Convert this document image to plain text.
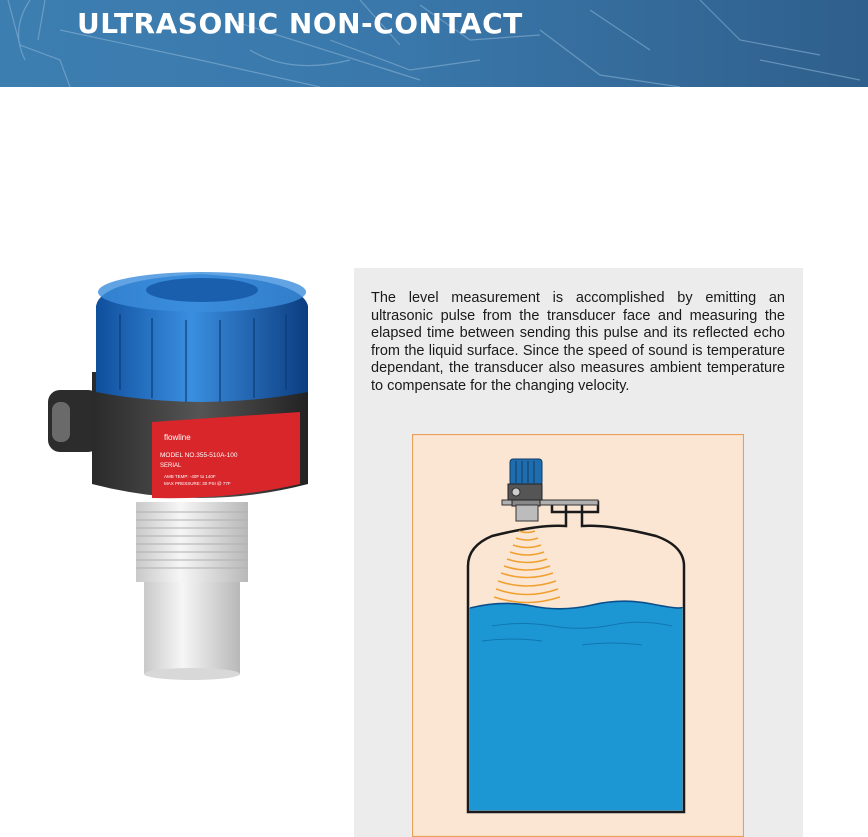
ULTRASONIC NON-CONTACT
flowline
MODEL NO.355-510A-100
SERIAL
AMB TEMP: -40F to 140F
MAX PRESSURE: 30 PSI @ 77F

The level measurement is accomplished by emitting an ultrasonic pulse from the transducer face and measuring the elapsed time between sending this pulse and its reflected echo from the liquid surface. Since the speed of sound is temperature dependant, the transducer also measures ambient temperature to compensate for the changing velocity.
